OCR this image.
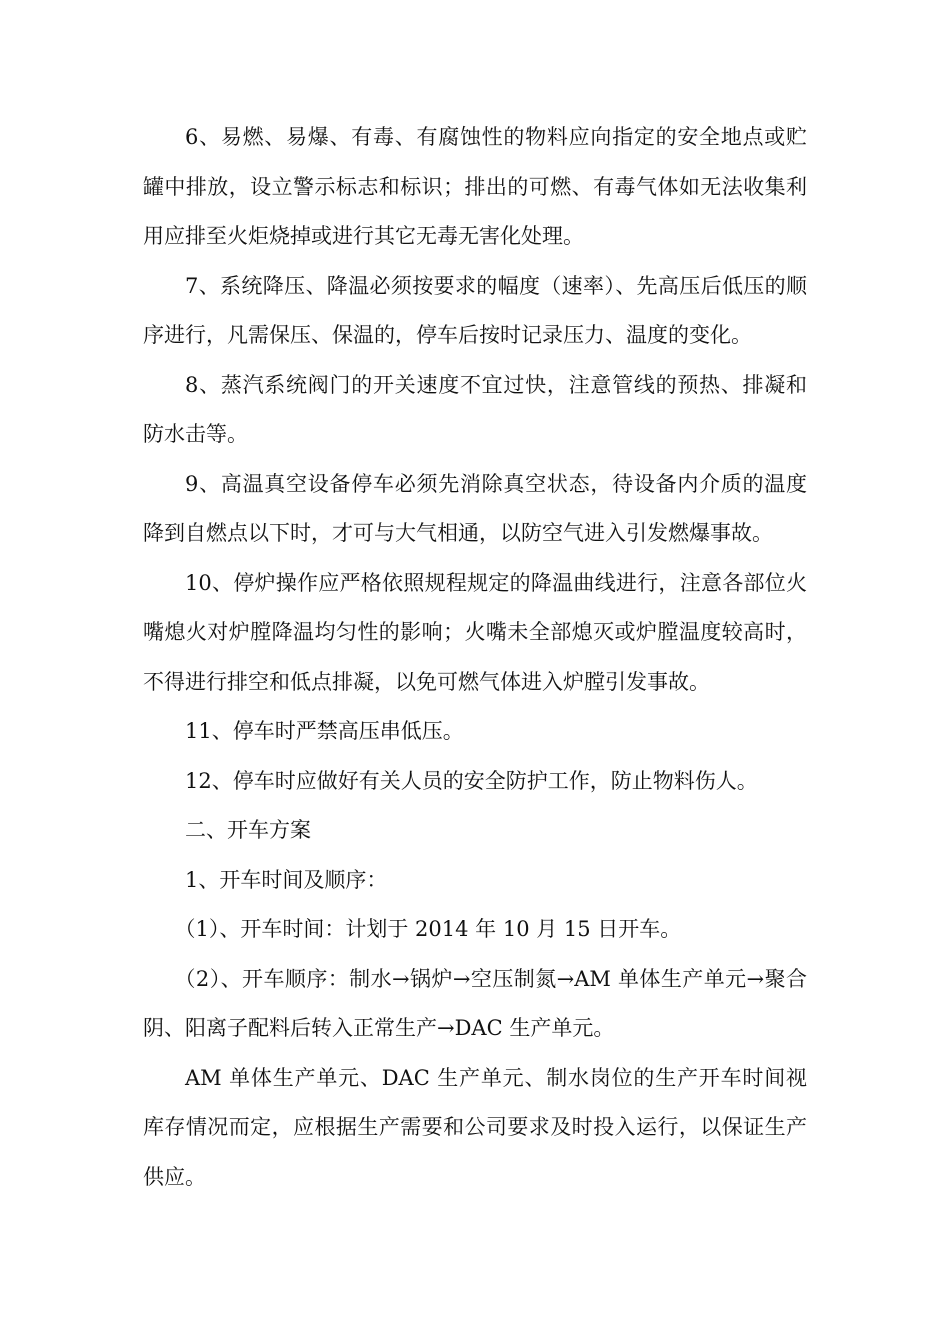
6、易燃、易爆、有毒、有腐蚀性的物料应向指定的安全地点或贮罐中排放，设立警示标志和标识；排出的可燃、有毒气体如无法收集利用应排至火炬烧掉或进行其它无毒无害化处理。

7、系统降压、降温必须按要求的幅度（速率）、先高压后低压的顺序进行，凡需保压、保温的，停车后按时记录压力、温度的变化。

8、蒸汽系统阀门的开关速度不宜过快，注意管线的预热、排凝和防水击等。

9、高温真空设备停车必须先消除真空状态，待设备内介质的温度降到自燃点以下时，才可与大气相通，以防空气进入引发燃爆事故。

10、停炉操作应严格依照规程规定的降温曲线进行，注意各部位火嘴熄火对炉膛降温均匀性的影响；火嘴未全部熄灭或炉膛温度较高时，不得进行排空和低点排凝，以免可燃气体进入炉膛引发事故。

11、停车时严禁高压串低压。

12、停车时应做好有关人员的安全防护工作，防止物料伤人。

二、开车方案

1、开车时间及顺序：

（1）、开车时间：计划于 2014 年 10 月 15 日开车。

（2）、开车顺序：制水→锅炉→空压制氮→AM 单体生产单元→聚合阴、阳离子配料后转入正常生产→DAC 生产单元。

AM 单体生产单元、DAC 生产单元、制水岗位的生产开车时间视库存情况而定，应根据生产需要和公司要求及时投入运行，以保证生产供应。
